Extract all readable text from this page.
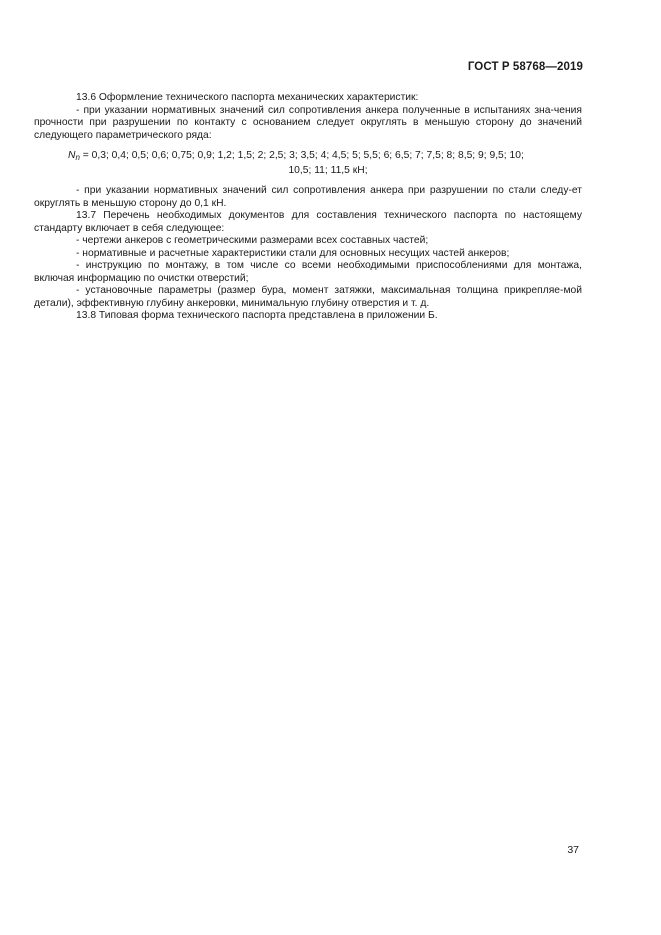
ГОСТ Р 58768—2019

13.6 Оформление технического паспорта механических характеристик:

- при указании нормативных значений сил сопротивления анкера полученные в испытаниях зна-чения прочности при разрушении по контакту с основанием следует округлять в меньшую сторону до значений следующего параметрического ряда:

Nn = 0,3; 0,4; 0,5; 0,6; 0,75; 0,9; 1,2; 1,5; 2; 2,5; 3; 3,5; 4; 4,5; 5; 5,5; 6; 6,5; 7; 7,5; 8; 8,5; 9; 9,5; 10;
10,5; 11; 11,5 кН;

- при указании нормативных значений сил сопротивления анкера при разрушении по стали следу-ет округлять в меньшую сторону до 0,1 кН.

13.7 Перечень необходимых документов для составления технического паспорта по настоящему стандарту включает в себя следующее:

- чертежи анкеров с геометрическими размерами всех составных частей;

- нормативные и расчетные характеристики стали для основных несущих частей анкеров;

- инструкцию по монтажу, в том числе со всеми необходимыми приспособлениями для монтажа, включая информацию по очистки отверстий;

- установочные параметры (размер бура, момент затяжки, максимальная толщина прикрепляе-мой детали), эффективную глубину анкеровки, минимальную глубину отверстия и т. д.

13.8 Типовая форма технического паспорта представлена в приложении Б.

37
